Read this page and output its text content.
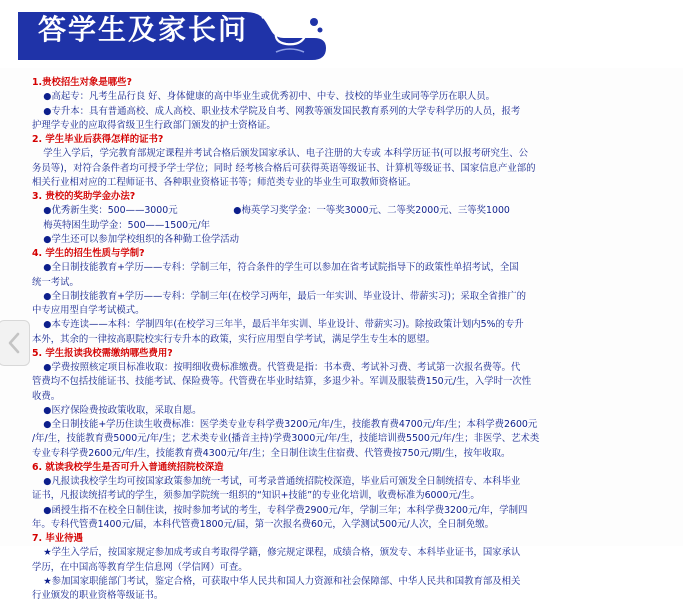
答学生及家长问

1.贵校招生对象是哪些?

●高起专：凡考生品行良 好、身体健康的高中毕业生或优秀初中、中专、技校的毕业生或同等学历在职人员。

●专升本：具有普通高校、成人高校、职业技术学院及自考、网教等颁发国民教育系列的大学专科学历的人员，报考

护理学专业的应取得省级卫生行政部门颁发的护士资格证。

2. 学生毕业后获得怎样的证书?

学生入学后，学完教育部规定课程并考试合格后颁发国家承认、电子注册的大专或 本科学历证书(可以报考研究生、公

务员等)，对符合条件者均可授予学士学位；同时 经考核合格后可获得英语等级证书、计算机等级证书、国家信息产业部的

相关行业相对应的工程师证书、各种职业资格证书等；师范类专业的毕业生可取教师资格证。

3. 贵校的奖助学金办法?

●优秀新生奖：500——3000元	●梅英学习奖学金：一等奖3000元、二等奖2000元、三等奖1000

梅英特困生助学金：500——1500元/年

●学生还可以参加学校组织的各种勤工俭学活动

4. 学生的招生性质与学制?

●全日制技能教育+学历——专科：学制三年，符合条件的学生可以参加在省考试院指导下的政策性单招考试，全国

统一考试。

●全日制技能教育+学历——专科：学制三年(在校学习两年，最后一年实训、毕业设计、带薪实习)；采取全省推广的

中专应用型自学考试模式。

●本专连读——本科：学制四年(在校学习三年半，最后半年实训、毕业设计、带薪实习)。除按政策计划内5%的专升

本外，其余的一律按高职院校实行专升本的政策，实行应用型自学考试，满足学生专生本的愿望。

5. 学生报读我校需缴纳哪些费用?

●学费按照核定项目标准收取：按明细收费标准缴费。代管费是指：书本费、考试补习费、考试第一次报名费等。代

管费均不包括技能证书、技能考试、保险费等。代管费在毕业时结算，多退少补。军训及服装费150元/生，入学时一次性

收费。

●医疗保险费按政策收取，采取自愿。

●全日制技能+学历住读生收费标准：医学类专业专科学费3200元/年/生，技能教育费4700元/年/生；本科学费2600元

/年/生，技能教育费5000元/年/生；艺术类专业(播音主持)学费3000元/年/生，技能培训费5500元/年/生；非医学、艺术类

专业专科学费2600元/年/生，技能教育费4300元/年/生；全日制住读生住宿费、代管费按750元/期/生，按年收取。

6. 就读我校学生是否可升入普通统招院校深造

●凡报读我校学生均可按国家政策参加统一考试，可考录普通统招院校深造，毕业后可颁发全日制统招专、本科毕业

证书，凡报读统招考试的学生，须参加学院统一组织的“知识+技能”的专业化培训，收费标准为6000元/生。

●函授生指不在校全日制住读，按时参加考试的考生，专科学费2900元/年，学制三年；本科学费3200元/年，学制四

年。专科代管费1400元/届，本科代管费1800元/届，第一次报名费60元，入学测试500元/人次，全日制免缴。

7. 毕业待遇

★学生入学后，按国家规定参加成考或自考取得学籍，修完规定课程，成绩合格，颁发专、本科毕业证书，国家承认

学历，在中国高等教育学生信息网（学信网）可查。

★参加国家职能部门考试，鉴定合格，可获取中华人民共和国人力资源和社会保障部、中华人民共和国教育部及相关

行业颁发的职业资格等级证书。
